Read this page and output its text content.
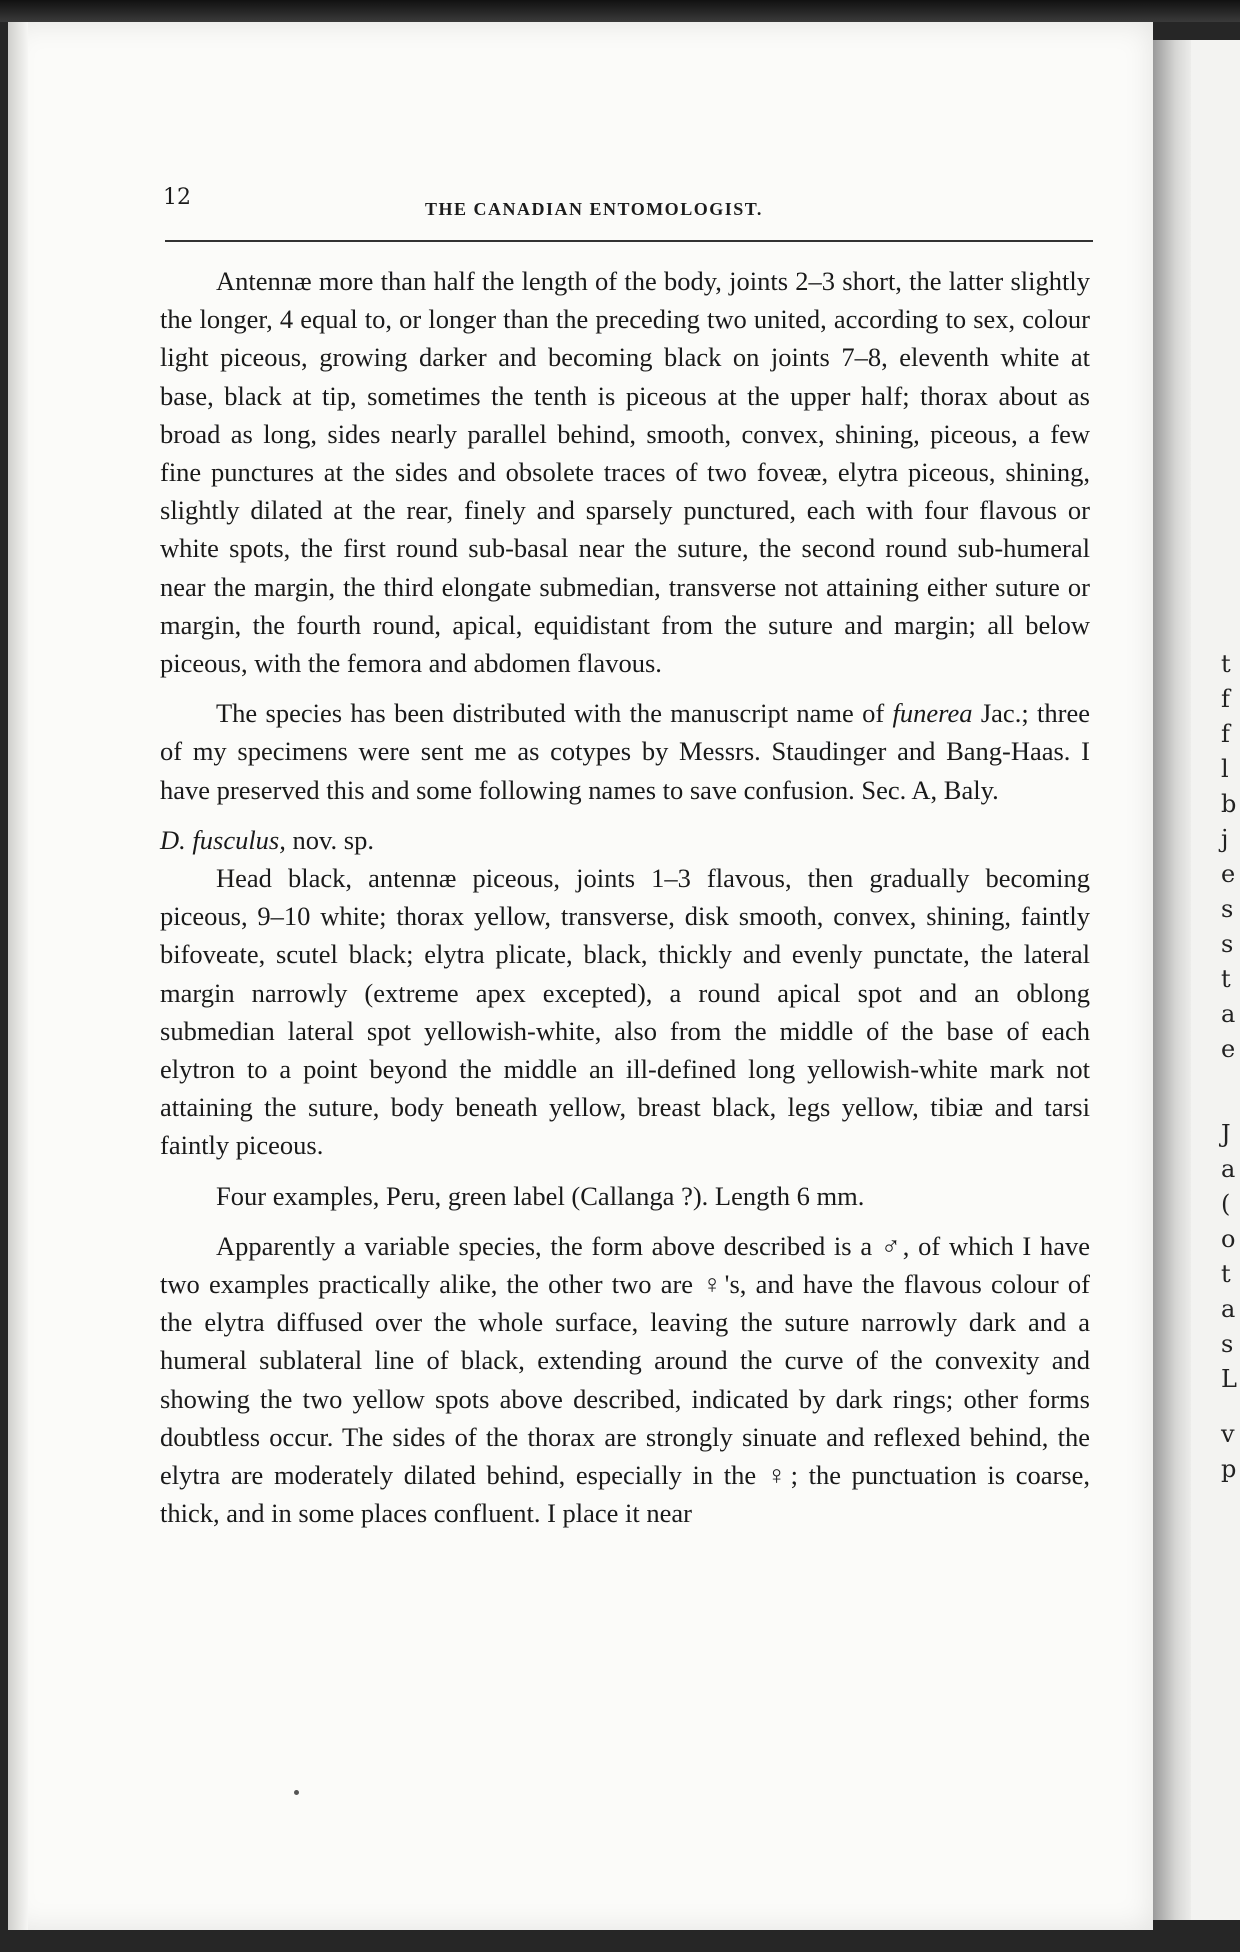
t
f
f
l
b
j
e
s
s
t
a
e
J
a
(
o
t
a
s
L
v
p
12	THE CANADIAN ENTOMOLOGIST.

Antennæ more than half the length of the body, joints 2–3 short, the latter slightly the longer, 4 equal to, or longer than the preceding two united, according to sex, colour light piceous, growing darker and becoming black on joints 7–8, eleventh white at base, black at tip, sometimes the tenth is piceous at the upper half; thorax about as broad as long, sides nearly parallel behind, smooth, convex, shining, piceous, a few fine punctures at the sides and obsolete traces of two foveæ, elytra piceous, shining, slightly dilated at the rear, finely and sparsely punctured, each with four flavous or white spots, the first round sub-basal near the suture, the second round sub-humeral near the margin, the third elongate submedian, transverse not attaining either suture or margin, the fourth round, apical, equidistant from the suture and margin; all below piceous, with the femora and abdomen flavous.

The species has been distributed with the manuscript name of funerea Jac.; three of my specimens were sent me as cotypes by Messrs. Staudinger and Bang-Haas. I have preserved this and some following names to save confusion. Sec. A, Baly.

D. fusculus, nov. sp.

Head black, antennæ piceous, joints 1–3 flavous, then gradually becoming piceous, 9–10 white; thorax yellow, transverse, disk smooth, convex, shining, faintly bifoveate, scutel black; elytra plicate, black, thickly and evenly punctate, the lateral margin narrowly (extreme apex excepted), a round apical spot and an oblong submedian lateral spot yellowish-white, also from the middle of the base of each elytron to a point beyond the middle an ill-defined long yellowish-white mark not attaining the suture, body beneath yellow, breast black, legs yellow, tibiæ and tarsi faintly piceous.

Four examples, Peru, green label (Callanga ?). Length 6 mm.

Apparently a variable species, the form above described is a ♂, of which I have two examples practically alike, the other two are ♀'s, and have the flavous colour of the elytra diffused over the whole surface, leaving the suture narrowly dark and a humeral sublateral line of black, extending around the curve of the convexity and showing the two yellow spots above described, indicated by dark rings; other forms doubtless occur. The sides of the thorax are strongly sinuate and reflexed behind, the elytra are moderately dilated behind, especially in the ♀; the punctuation is coarse, thick, and in some places confluent. I place it near
